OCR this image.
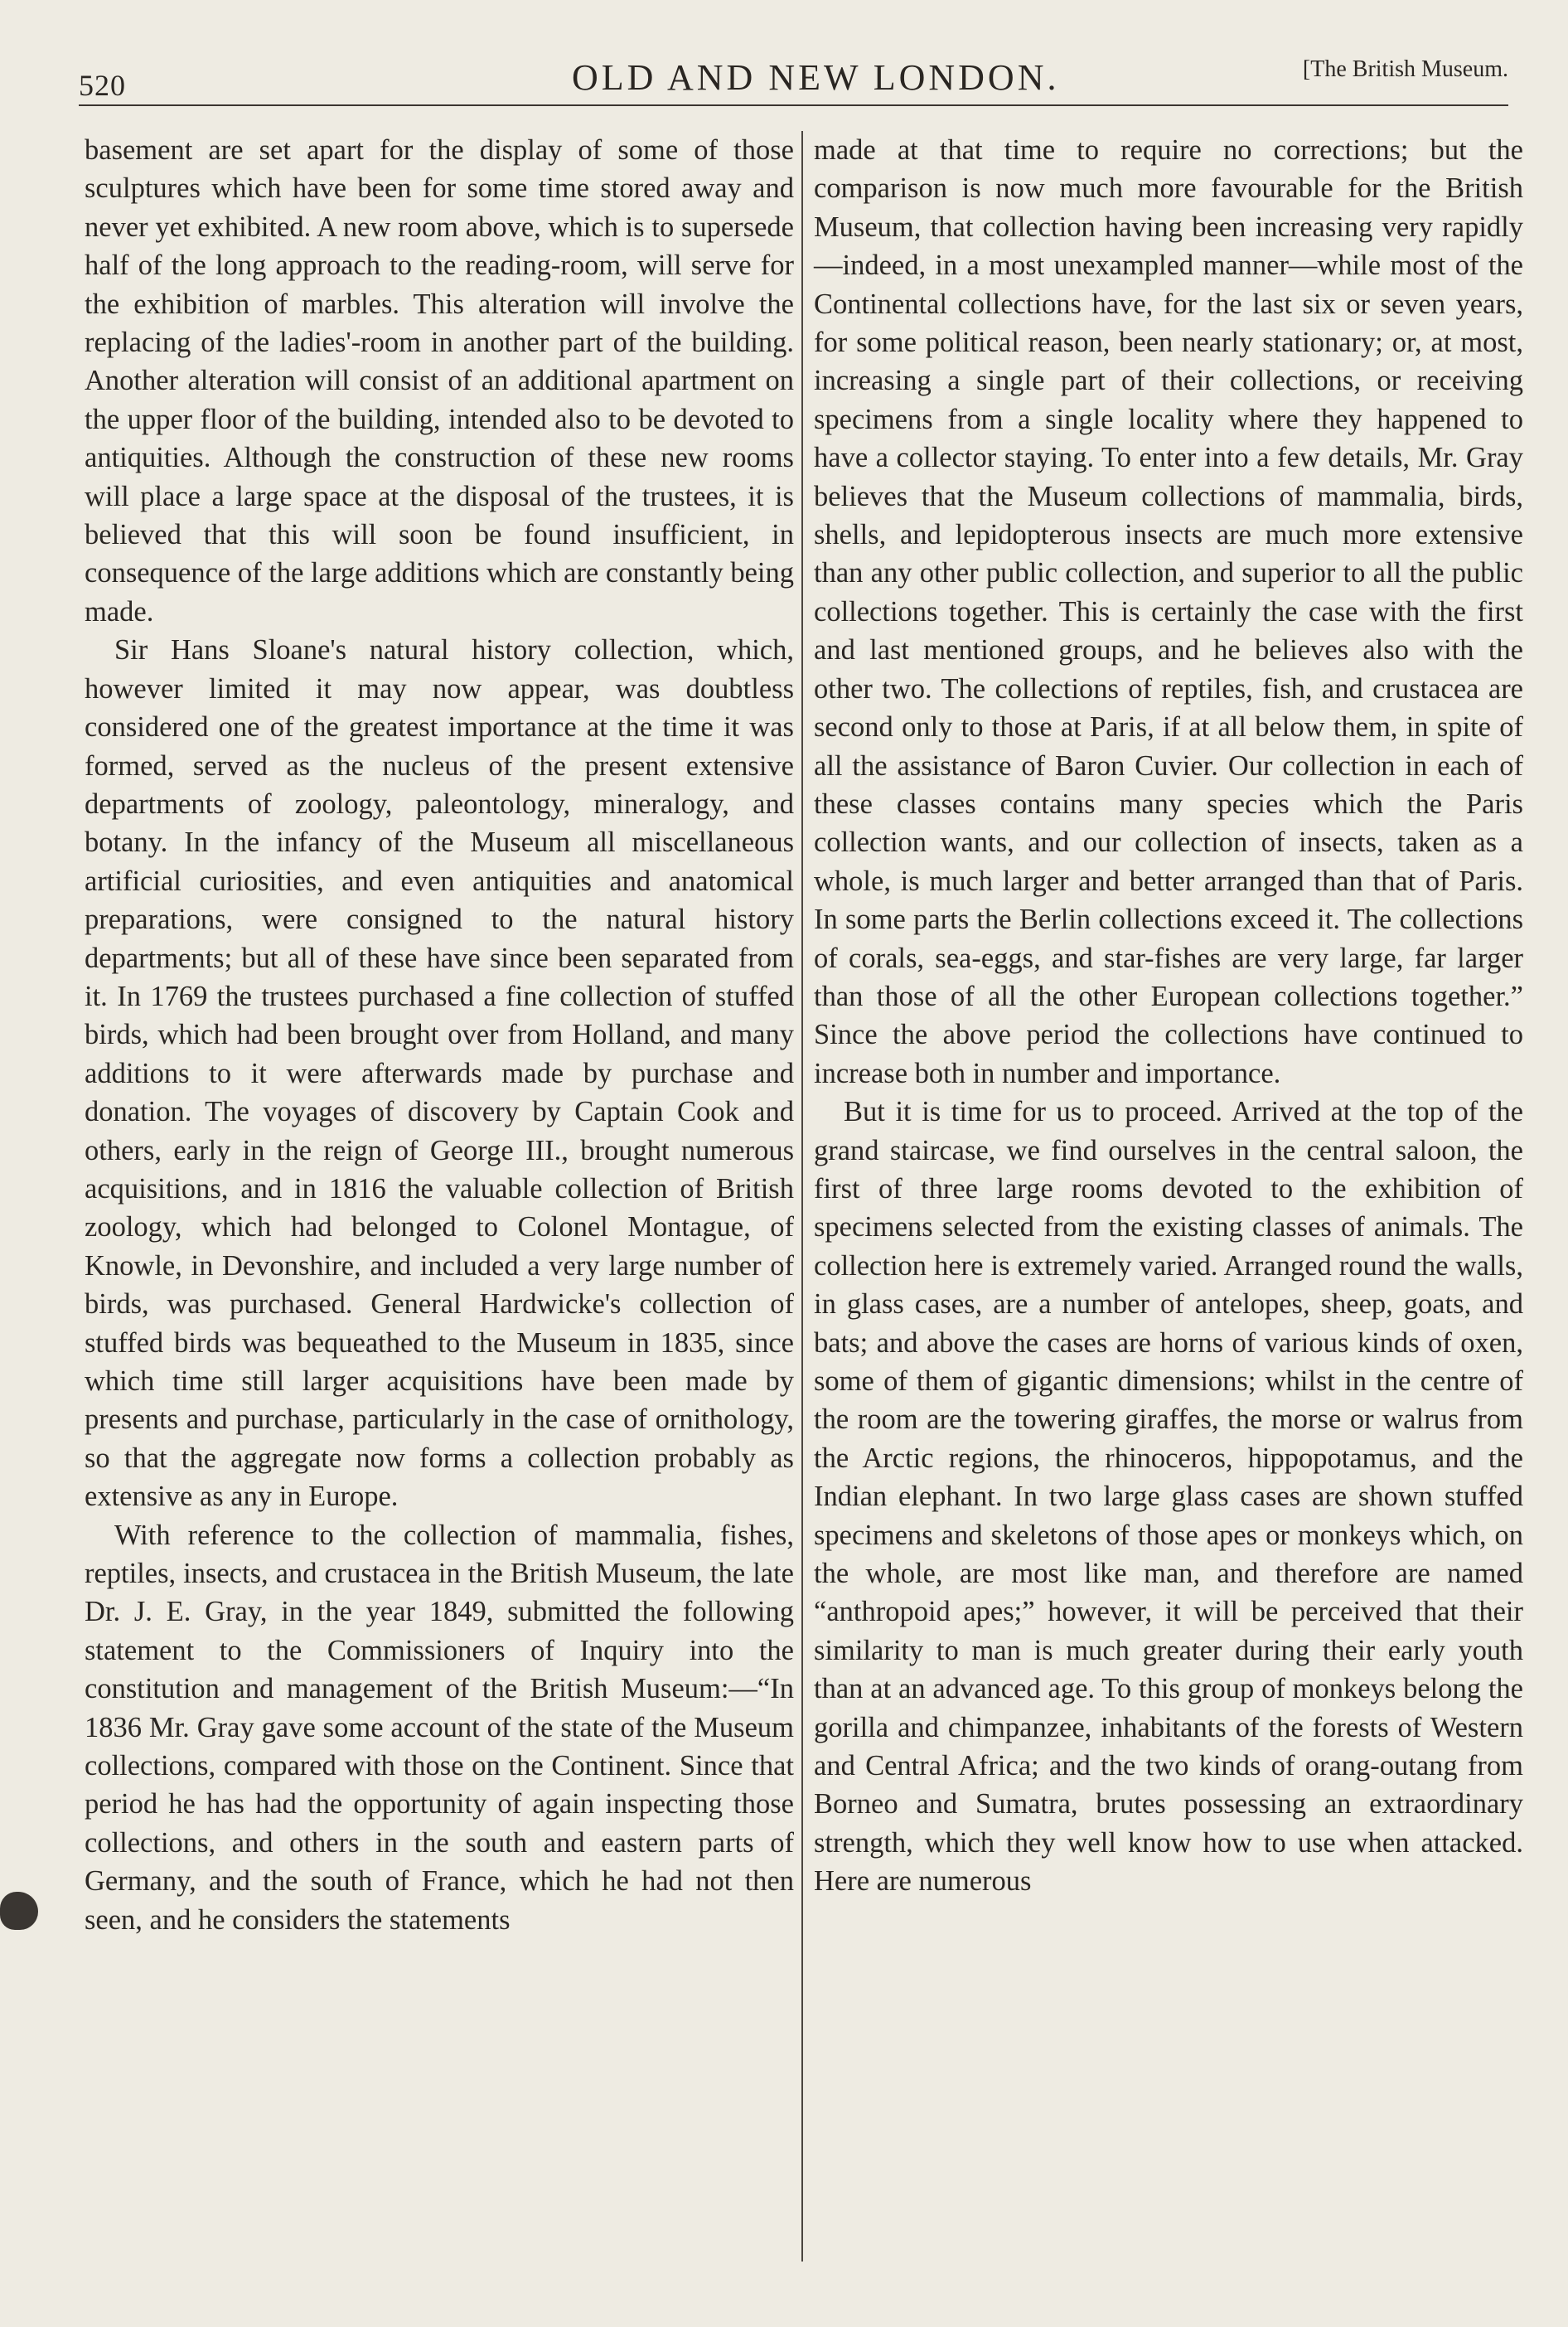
520	OLD AND NEW LONDON.	[The British Museum.

basement are set apart for the display of some of those sculptures which have been for some time stored away and never yet exhibited. A new room above, which is to supersede half of the long approach to the reading-room, will serve for the exhibition of marbles. This alteration will involve the replacing of the ladies'-room in another part of the building. Another alteration will consist of an additional apartment on the upper floor of the building, intended also to be devoted to antiquities. Although the construction of these new rooms will place a large space at the disposal of the trustees, it is believed that this will soon be found insufficient, in consequence of the large additions which are constantly being made.

Sir Hans Sloane's natural history collection, which, however limited it may now appear, was doubtless considered one of the greatest importance at the time it was formed, served as the nucleus of the present extensive departments of zoology, paleontology, mineralogy, and botany. In the infancy of the Museum all miscellaneous artificial curiosities, and even antiquities and anatomical preparations, were consigned to the natural history departments; but all of these have since been separated from it. In 1769 the trustees purchased a fine collection of stuffed birds, which had been brought over from Holland, and many additions to it were afterwards made by purchase and donation. The voyages of discovery by Captain Cook and others, early in the reign of George III., brought numerous acquisitions, and in 1816 the valuable collection of British zoology, which had belonged to Colonel Montague, of Knowle, in Devonshire, and included a very large number of birds, was purchased. General Hardwicke's collection of stuffed birds was bequeathed to the Museum in 1835, since which time still larger acquisitions have been made by presents and purchase, particularly in the case of ornithology, so that the aggregate now forms a collection probably as extensive as any in Europe.

With reference to the collection of mammalia, fishes, reptiles, insects, and crustacea in the British Museum, the late Dr. J. E. Gray, in the year 1849, submitted the following statement to the Commissioners of Inquiry into the constitution and management of the British Museum:—“In 1836 Mr. Gray gave some account of the state of the Museum collections, compared with those on the Continent. Since that period he has had the opportunity of again inspecting those collections, and others in the south and eastern parts of Germany, and the south of France, which he had not then seen, and he considers the statements

made at that time to require no corrections; but the comparison is now much more favourable for the British Museum, that collection having been increasing very rapidly—indeed, in a most unexampled manner—while most of the Continental collections have, for the last six or seven years, for some political reason, been nearly stationary; or, at most, increasing a single part of their collections, or receiving specimens from a single locality where they happened to have a collector staying. To enter into a few details, Mr. Gray believes that the Museum collections of mammalia, birds, shells, and lepidopterous insects are much more extensive than any other public collection, and superior to all the public collections together. This is certainly the case with the first and last mentioned groups, and he believes also with the other two. The collections of reptiles, fish, and crustacea are second only to those at Paris, if at all below them, in spite of all the assistance of Baron Cuvier. Our collection in each of these classes contains many species which the Paris collection wants, and our collection of insects, taken as a whole, is much larger and better arranged than that of Paris. In some parts the Berlin collections exceed it. The collections of corals, sea-eggs, and star-fishes are very large, far larger than those of all the other European collections together.” Since the above period the collections have continued to increase both in number and importance.

But it is time for us to proceed. Arrived at the top of the grand staircase, we find ourselves in the central saloon, the first of three large rooms devoted to the exhibition of specimens selected from the existing classes of animals. The collection here is extremely varied. Arranged round the walls, in glass cases, are a number of antelopes, sheep, goats, and bats; and above the cases are horns of various kinds of oxen, some of them of gigantic dimensions; whilst in the centre of the room are the towering giraffes, the morse or walrus from the Arctic regions, the rhinoceros, hippopotamus, and the Indian elephant. In two large glass cases are shown stuffed specimens and skeletons of those apes or monkeys which, on the whole, are most like man, and therefore are named “anthropoid apes;” however, it will be perceived that their similarity to man is much greater during their early youth than at an advanced age. To this group of monkeys belong the gorilla and chimpanzee, inhabitants of the forests of Western and Central Africa; and the two kinds of orang-outang from Borneo and Sumatra, brutes possessing an extraordinary strength, which they well know how to use when attacked. Here are numerous
